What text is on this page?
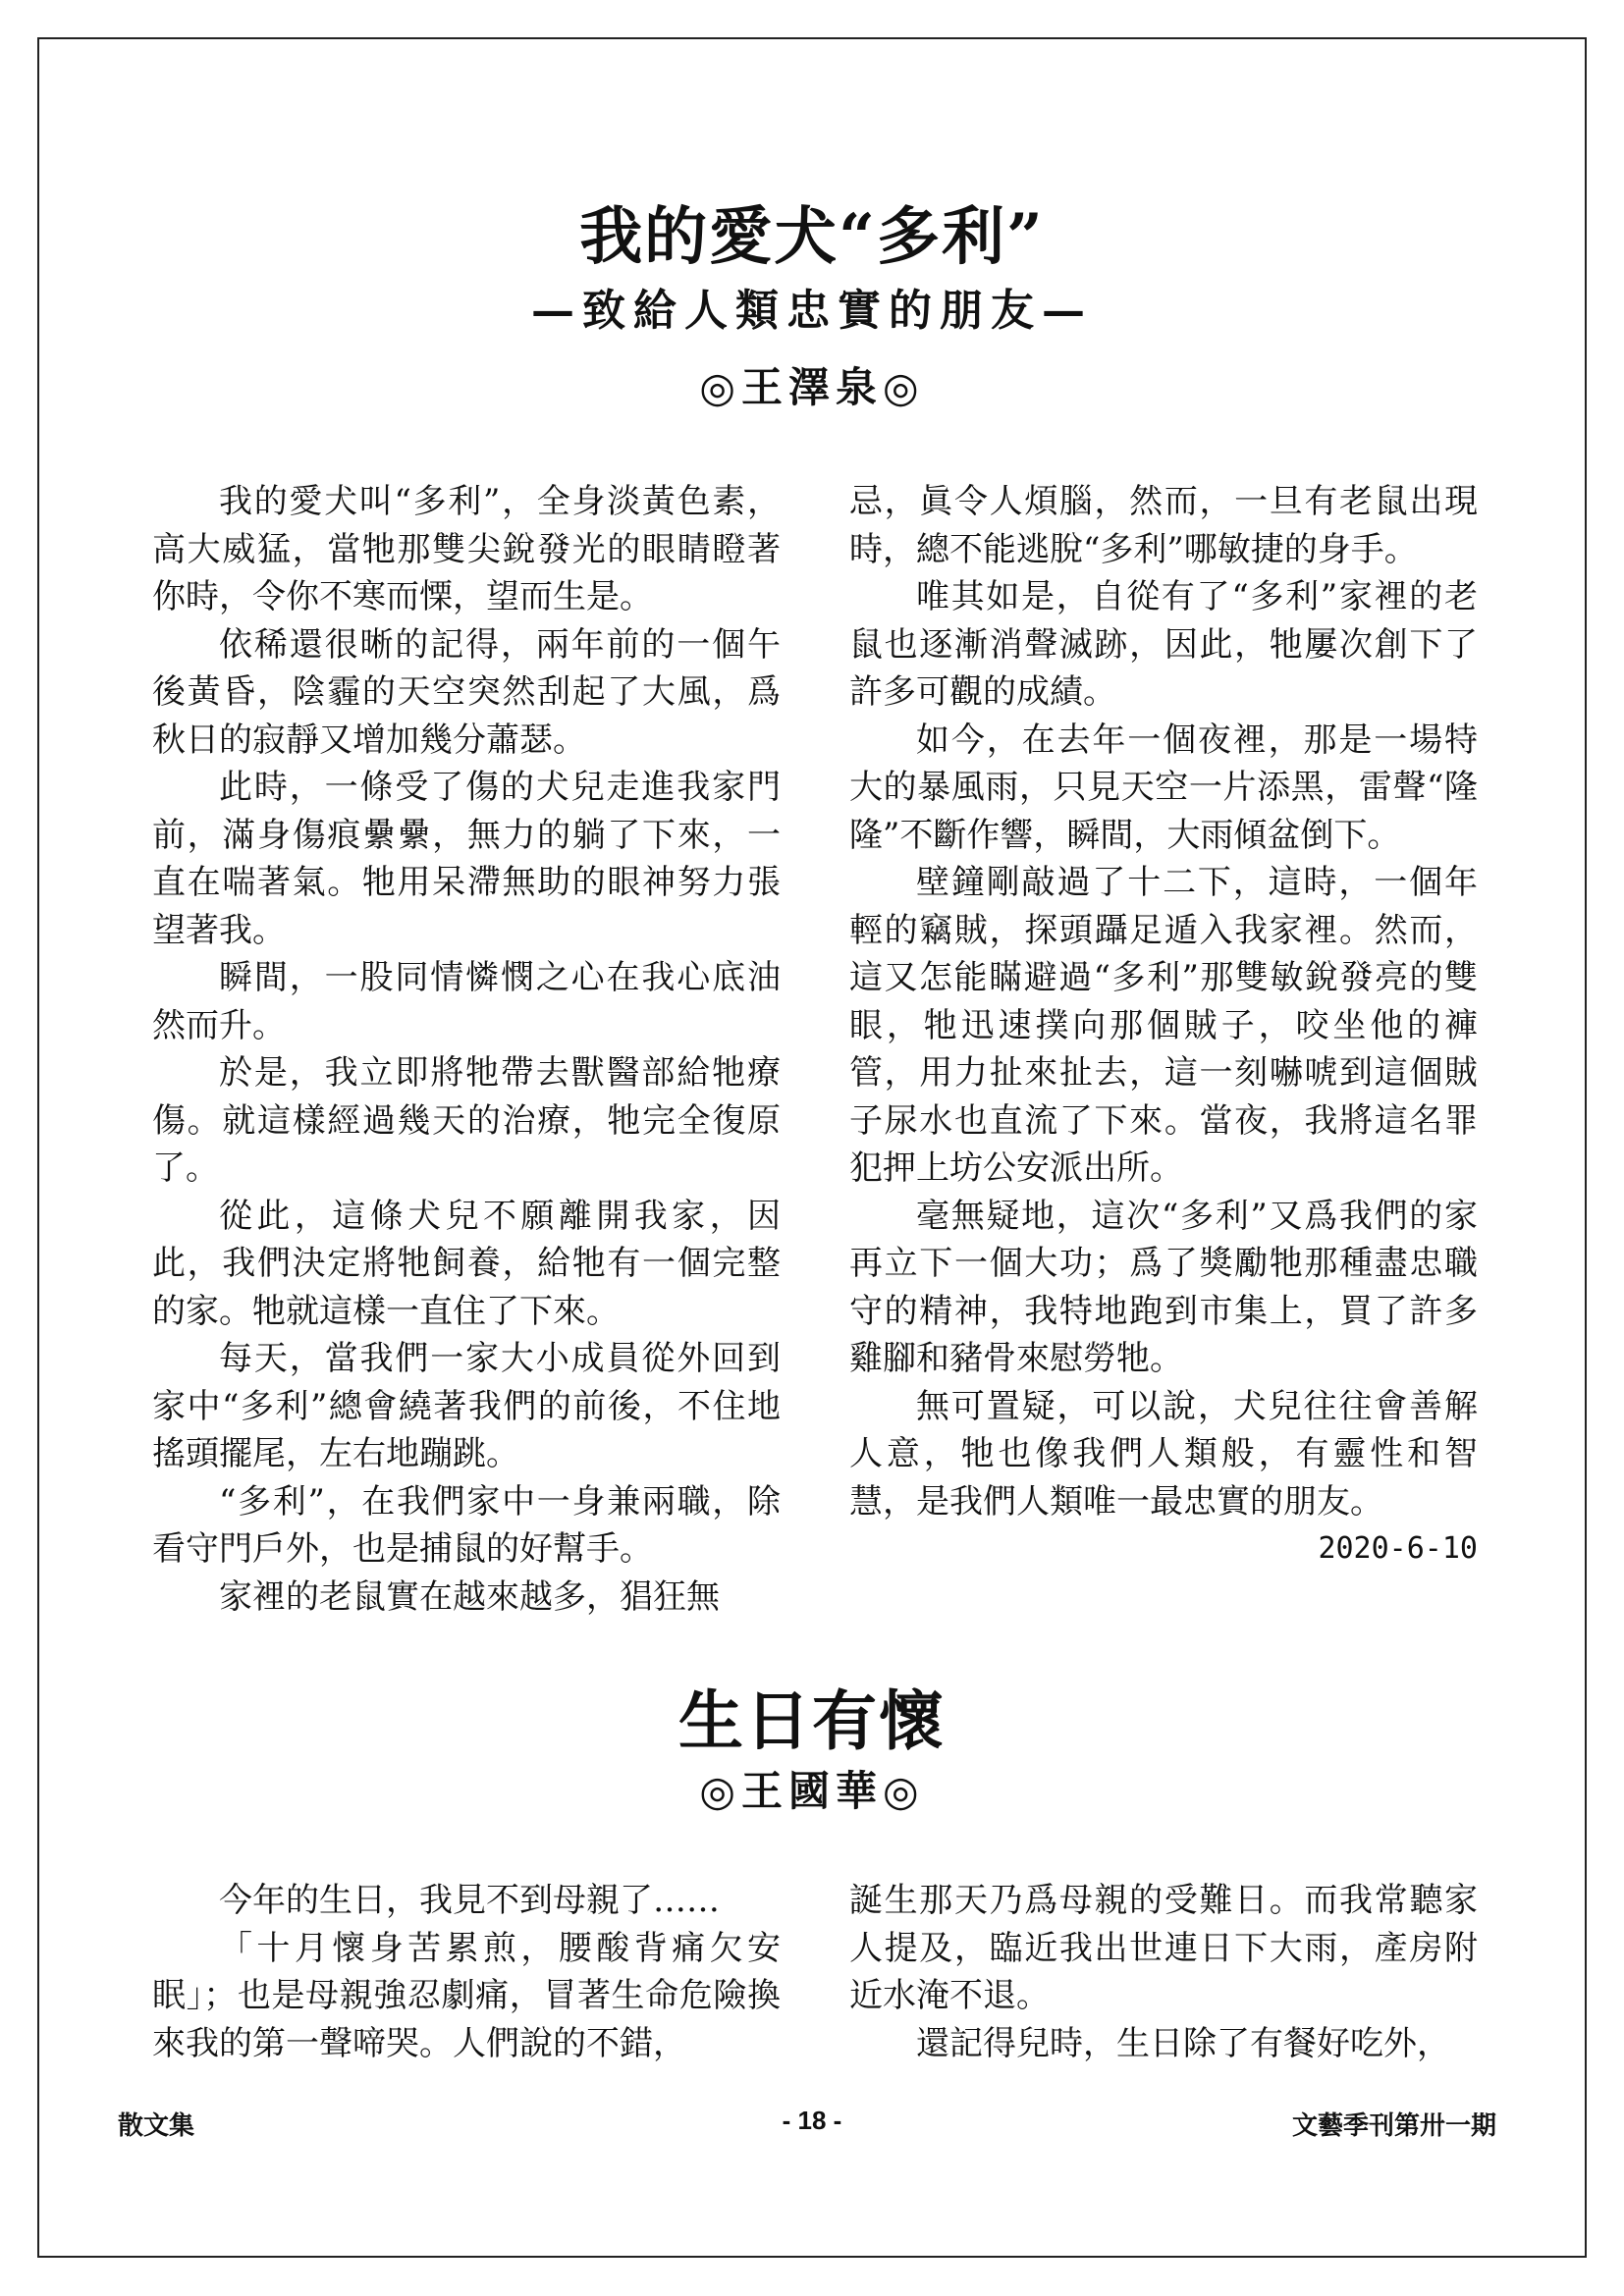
我的愛犬“多利”
—致給人類忠實的朋友—
◎王澤泉◎

我的愛犬叫“多利”，全身淡黃色素，高大威猛，當牠那雙尖銳發光的眼睛瞪著你時，令你不寒而慄，望而生是。

依稀還很晰的記得，兩年前的一個午後黃昏，陰霾的天空突然刮起了大風，爲秋日的寂靜又增加幾分蕭瑟。

此時，一條受了傷的犬兒走進我家門前，滿身傷痕纍纍，無力的躺了下來，一直在喘著氣。牠用呆滯無助的眼神努力張望著我。

瞬間，一股同情憐憫之心在我心底油然而升。

於是，我立即將牠帶去獸醫部給牠療傷。就這樣經過幾天的治療，牠完全復原了。

從此，這條犬兒不願離開我家，因此，我們決定將牠飼養，給牠有一個完整的家。牠就這樣一直住了下來。

每天，當我們一家大小成員從外回到家中“多利”總會繞著我們的前後，不住地搖頭擺尾，左右地蹦跳。

“多利”，在我們家中一身兼兩職，除看守門戶外，也是捕鼠的好幫手。

家裡的老鼠實在越來越多，猖狂無

忌，眞令人煩腦，然而，一旦有老鼠出現時，總不能逃脫“多利”哪敏捷的身手。

唯其如是，自從有了“多利”家裡的老鼠也逐漸消聲滅跡，因此，牠屢次創下了許多可觀的成績。

如今，在去年一個夜裡，那是一場特大的暴風雨，只見天空一片添黑，雷聲“隆隆”不斷作響，瞬間，大雨傾盆倒下。

壁鐘剛敲過了十二下，這時，一個年輕的竊賊，探頭躡足遁入我家裡。然而，這又怎能瞞避過“多利”那雙敏銳發亮的雙眼，牠迅速撲向那個賊子，咬坐他的褲管，用力扯來扯去，這一刻嚇唬到這個賊子尿水也直流了下來。當夜，我將這名罪犯押上坊公安派出所。

毫無疑地，這次“多利”又爲我們的家再立下一個大功；爲了獎勵牠那種盡忠職守的精神，我特地跑到市集上，買了許多雞腳和豬骨來慰勞牠。

無可置疑，可以說，犬兒往往會善解人意，牠也像我們人類般，有靈性和智慧，是我們人類唯一最忠實的朋友。

2020-6-10
生日有懷
◎王國華◎

今年的生日，我見不到母親了……

「十月懷身苦累煎，腰酸背痛欠安眠」；也是母親強忍劇痛，冒著生命危險換來我的第一聲啼哭。人們說的不錯，

誕生那天乃爲母親的受難日。而我常聽家人提及，臨近我出世連日下大雨，產房附近水淹不退。

還記得兒時，生日除了有餐好吃外，

散文集	- 18 -	文藝季刊第卅一期
